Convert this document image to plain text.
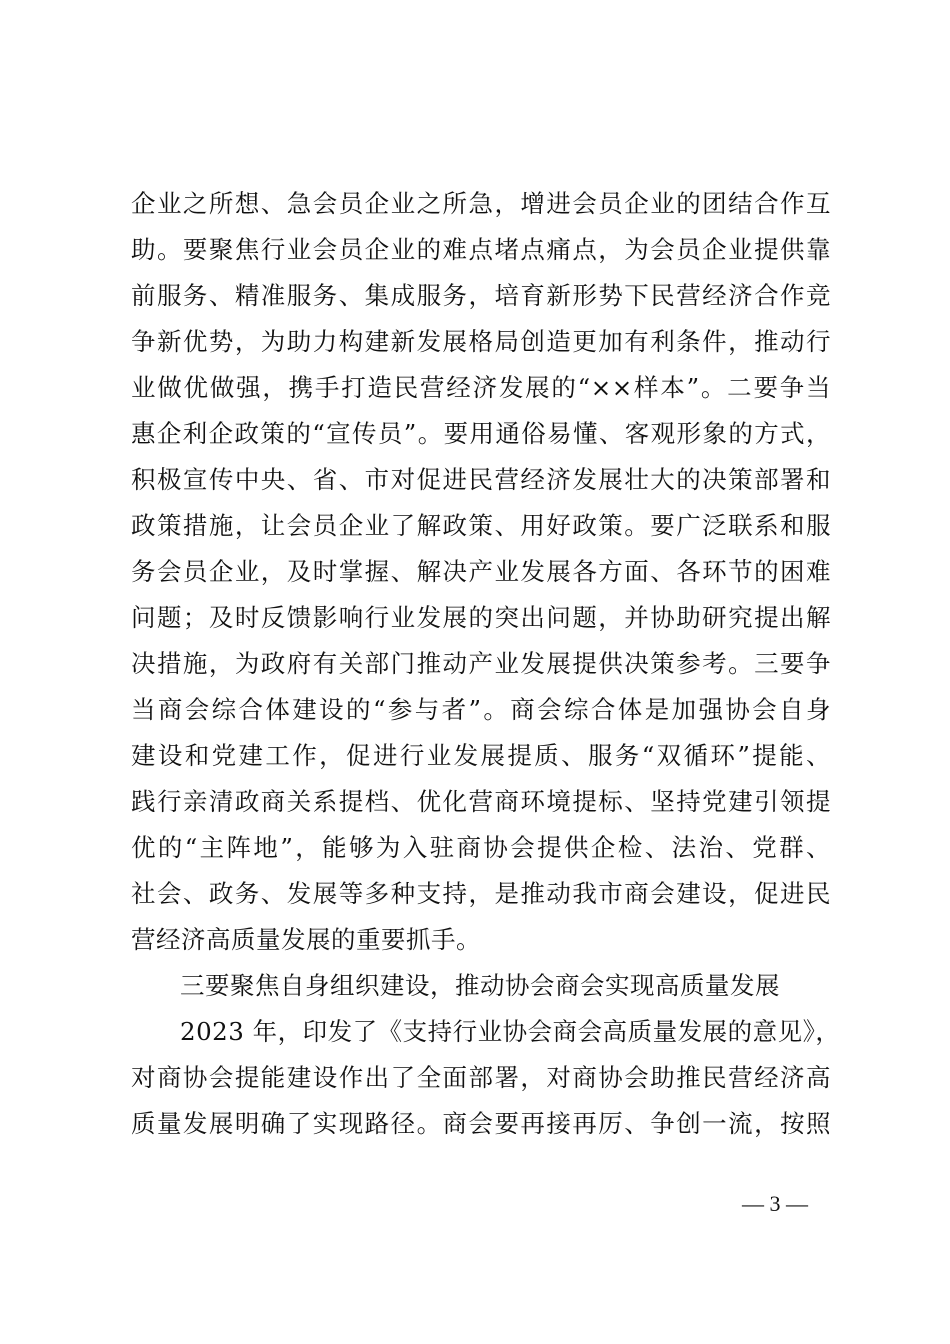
企业之所想、急会员企业之所急，增进会员企业的团结合作互
助。要聚焦行业会员企业的难点堵点痛点，为会员企业提供靠
前服务、精准服务、集成服务，培育新形势下民营经济合作竞
争新优势，为助力构建新发展格局创造更加有利条件，推动行
业做优做强，携手打造民营经济发展的“××样本”。二要争当
惠企利企政策的“宣传员”。要用通俗易懂、客观形象的方式，
积极宣传中央、省、市对促进民营经济发展壮大的决策部署和
政策措施，让会员企业了解政策、用好政策。要广泛联系和服
务会员企业，及时掌握、解决产业发展各方面、各环节的困难
问题；及时反馈影响行业发展的突出问题，并协助研究提出解
决措施，为政府有关部门推动产业发展提供决策参考。三要争
当商会综合体建设的“参与者”。商会综合体是加强协会自身
建设和党建工作，促进行业发展提质、服务“双循环”提能、
践行亲清政商关系提档、优化营商环境提标、坚持党建引领提
优的“主阵地”，能够为入驻商协会提供企检、法治、党群、
社会、政务、发展等多种支持，是推动我市商会建设，促进民
营经济高质量发展的重要抓手。
三要聚焦自身组织建设，推动协会商会实现高质量发展
2023 年，印发了《支持行业协会商会高质量发展的意见》，
对商协会提能建设作出了全面部署，对商协会助推民营经济高
质量发展明确了实现路径。商会要再接再厉、争创一流，按照
— 3 —
